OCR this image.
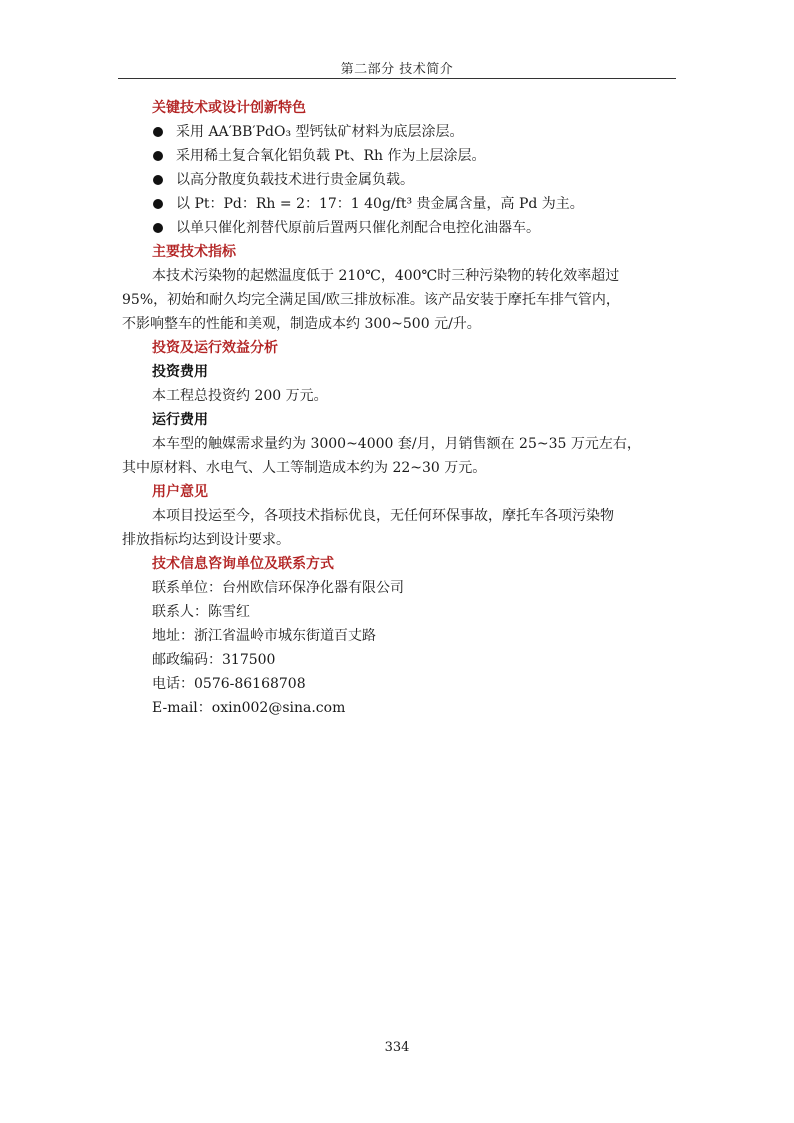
第二部分 技术简介
关键技术或设计创新特色
采用 AA′BB′PdO₃ 型钙钛矿材料为底层涂层。
采用稀土复合氧化铝负载 Pt、Rh 作为上层涂层。
以高分散度负载技术进行贵金属负载。
以 Pt：Pd：Rh = 2：17：1 40g/ft³ 贵金属含量，高 Pd 为主。
以单只催化剂替代原前后置两只催化剂配合电控化油器车。
主要技术指标
本技术污染物的起燃温度低于 210℃，400℃时三种污染物的转化效率超过
95%，初始和耐久均完全满足国/欧三排放标准。该产品安装于摩托车排气管内，
不影响整车的性能和美观，制造成本约 300~500 元/升。
投资及运行效益分析
投资费用
本工程总投资约 200 万元。
运行费用
本车型的触媒需求量约为 3000~4000 套/月，月销售额在 25~35 万元左右，
其中原材料、水电气、人工等制造成本约为 22~30 万元。
用户意见
本项目投运至今，各项技术指标优良，无任何环保事故，摩托车各项污染物
排放指标均达到设计要求。
技术信息咨询单位及联系方式
联系单位：台州欧信环保净化器有限公司
联系人：陈雪红
地址：浙江省温岭市城东街道百丈路
邮政编码：317500
电话：0576-86168708
E-mail：oxin002@sina.com
334
